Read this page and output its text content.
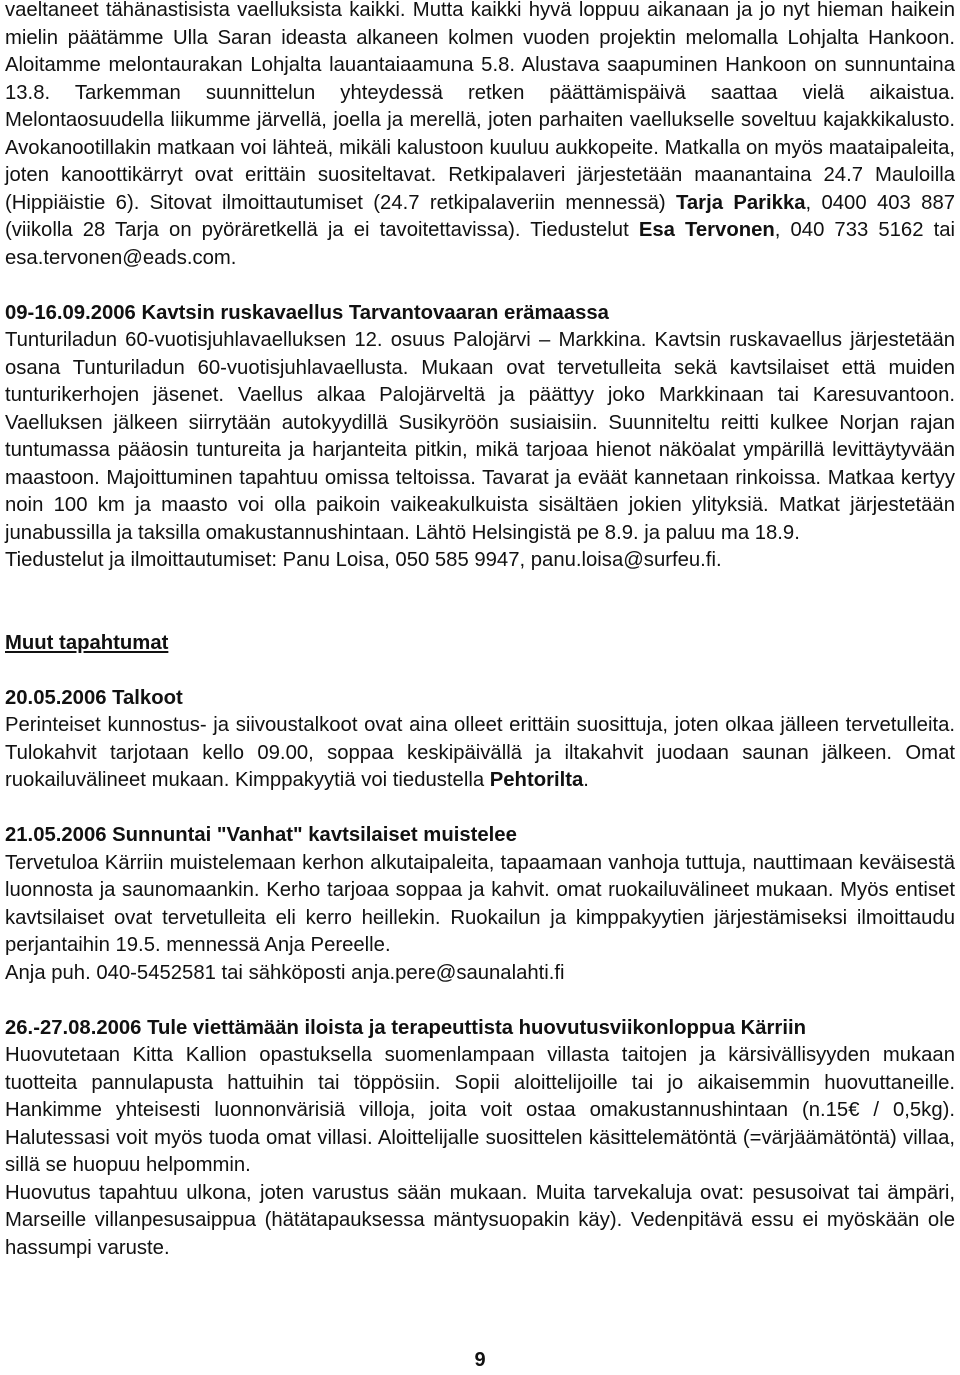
vaeltaneet tähänastisista vaelluksista kaikki. Mutta kaikki hyvä loppuu aikanaan ja jo nyt hieman haikein mielin päätämme Ulla Saran ideasta alkaneen kolmen vuoden projektin melomalla Lohjalta Hankoon. Aloitamme melontaurakan Lohjalta lauantaiaamuna 5.8. Alustava saapuminen Hankoon on sunnuntaina 13.8. Tarkemman suunnittelun yhteydessä retken päättämispäivä saattaa vielä aikaistua. Melontaosuudella liikumme järvellä, joella ja merellä, joten parhaiten vaellukselle soveltuu kajakkikalusto. Avokanootillakin matkaan voi lähteä, mikäli kalustoon kuuluu aukkopeite. Matkalla on myös maataipaleita, joten kanoottikärryt ovat erittäin suositeltavat. Retkipalaveri järjestetään maanantaina 24.7 Mauloilla (Hippiäistie 6). Sitovat ilmoittautumiset (24.7 retkipalaveriin mennessä) Tarja Parikka, 0400 403 887 (viikolla 28 Tarja on pyöräretkellä ja ei tavoitettavissa). Tiedustelut Esa Tervonen, 040 733 5162 tai esa.tervonen@eads.com.

09-16.09.2006 Kavtsin ruskavaellus Tarvantovaaran erämaassa

Tunturiladun 60-vuotisjuhlavaelluksen 12. osuus Palojärvi – Markkina. Kavtsin ruskavaellus järjestetään osana Tunturiladun 60-vuotisjuhlavaellusta. Mukaan ovat tervetulleita sekä kavtsilaiset että muiden tunturikerhojen jäsenet. Vaellus alkaa Palojärveltä ja päättyy joko Markkinaan tai Karesuvantoon. Vaelluksen jälkeen siirrytään autokyydillä Susikyröön susiaisiin. Suunniteltu reitti kulkee Norjan rajan tuntumassa pääosin tuntureita ja harjanteita pitkin, mikä tarjoaa hienot näköalat ympärillä levittäytyvään maastoon. Majoittuminen tapahtuu omissa teltoissa. Tavarat ja eväät kannetaan rinkoissa. Matkaa kertyy noin 100 km ja maasto voi olla paikoin vaikeakulkuista sisältäen jokien ylityksiä. Matkat järjestetään junabussilla ja taksilla omakustannushintaan. Lähtö Helsingistä pe 8.9. ja paluu ma 18.9.

Tiedustelut ja ilmoittautumiset: Panu Loisa, 050 585 9947, panu.loisa@surfeu.fi.

Muut tapahtumat

20.05.2006 Talkoot

Perinteiset kunnostus- ja siivoustalkoot ovat aina olleet erittäin suosittuja, joten olkaa jälleen tervetulleita. Tulokahvit tarjotaan kello 09.00, soppaa keskipäivällä ja iltakahvit juodaan saunan jälkeen. Omat ruokailuvälineet mukaan. Kimppakyytiä voi tiedustella Pehtorilta.

21.05.2006 Sunnuntai "Vanhat" kavtsilaiset muistelee

Tervetuloa Kärriin muistelemaan kerhon alkutaipaleita, tapaamaan vanhoja tuttuja, nauttimaan keväisestä luonnosta ja saunomaankin. Kerho tarjoaa soppaa ja kahvit. omat ruokailuvälineet mukaan. Myös entiset kavtsilaiset ovat tervetulleita eli kerro heillekin. Ruokailun ja kimppakyytien järjestämiseksi ilmoittaudu perjantaihin 19.5. mennessä Anja Pereelle.

Anja puh. 040-5452581 tai sähköposti anja.pere@saunalahti.fi

26.-27.08.2006 Tule viettämään iloista ja terapeuttista huovutusviikonloppua Kärriin

Huovutetaan Kitta Kallion opastuksella suomenlampaan villasta taitojen ja kärsivällisyyden mukaan tuotteita pannulapusta hattuihin tai töppösiin. Sopii aloittelijoille tai jo aikaisemmin huovuttaneille. Hankimme yhteisesti luonnonvärisiä villoja, joita voit ostaa omakustannushintaan (n.15€ / 0,5kg). Halutessasi voit myös tuoda omat villasi. Aloittelijalle suosittelen käsittelemätöntä (=värjäämätöntä) villaa, sillä se huopuu helpommin.

Huovutus tapahtuu ulkona, joten varustus sään mukaan. Muita tarvekaluja ovat: pesusoivat tai ämpäri, Marseille villanpesusaippua (hätätapauksessa mäntysuopakin käy). Vedenpitävä essu ei myöskään ole hassumpi varuste.

9
